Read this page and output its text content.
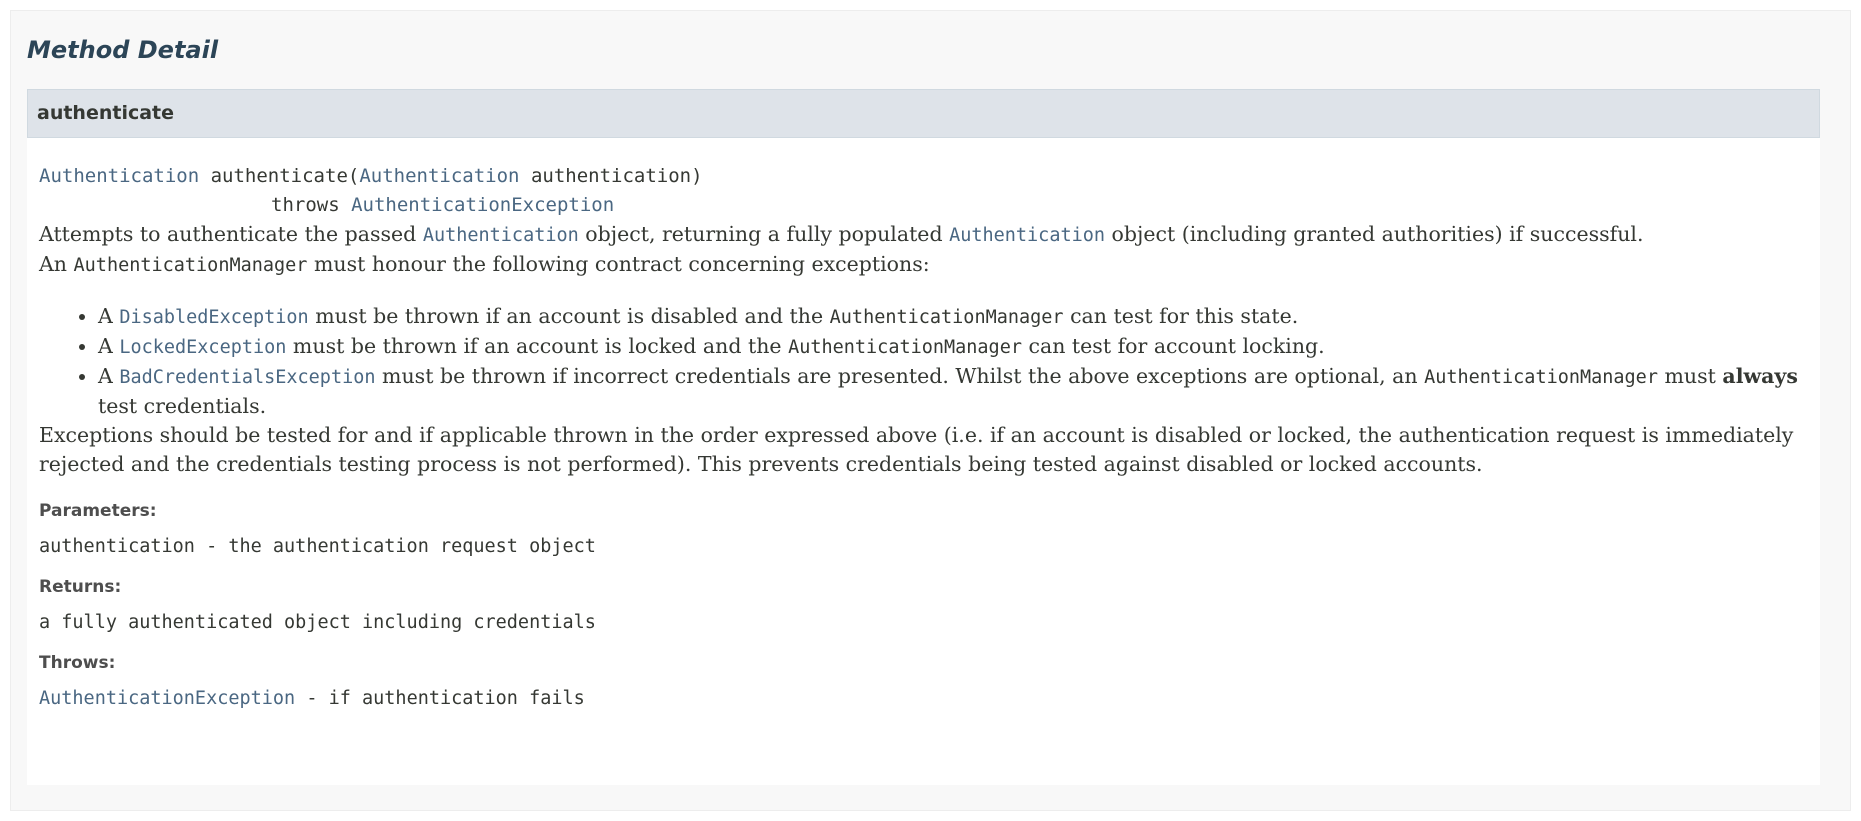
Method Detail
authenticate
Authentication authenticate(Authentication authentication)
throws AuthenticationException

Attempts to authenticate the passed Authentication object, returning a fully populated Authentication object (including granted authorities) if successful.

An AuthenticationManager must honour the following contract concerning exceptions:

• A DisabledException must be thrown if an account is disabled and the AuthenticationManager can test for this state.
• A LockedException must be thrown if an account is locked and the AuthenticationManager can test for account locking.
• A BadCredentialsException must be thrown if incorrect credentials are presented. Whilst the above exceptions are optional, an AuthenticationManager must always test credentials.

Exceptions should be tested for and if applicable thrown in the order expressed above (i.e. if an account is disabled or locked, the authentication request is immediately rejected and the credentials testing process is not performed). This prevents credentials being tested against disabled or locked accounts.

Parameters:
authentication - the authentication request object
Returns:
a fully authenticated object including credentials
Throws:
AuthenticationException - if authentication fails
